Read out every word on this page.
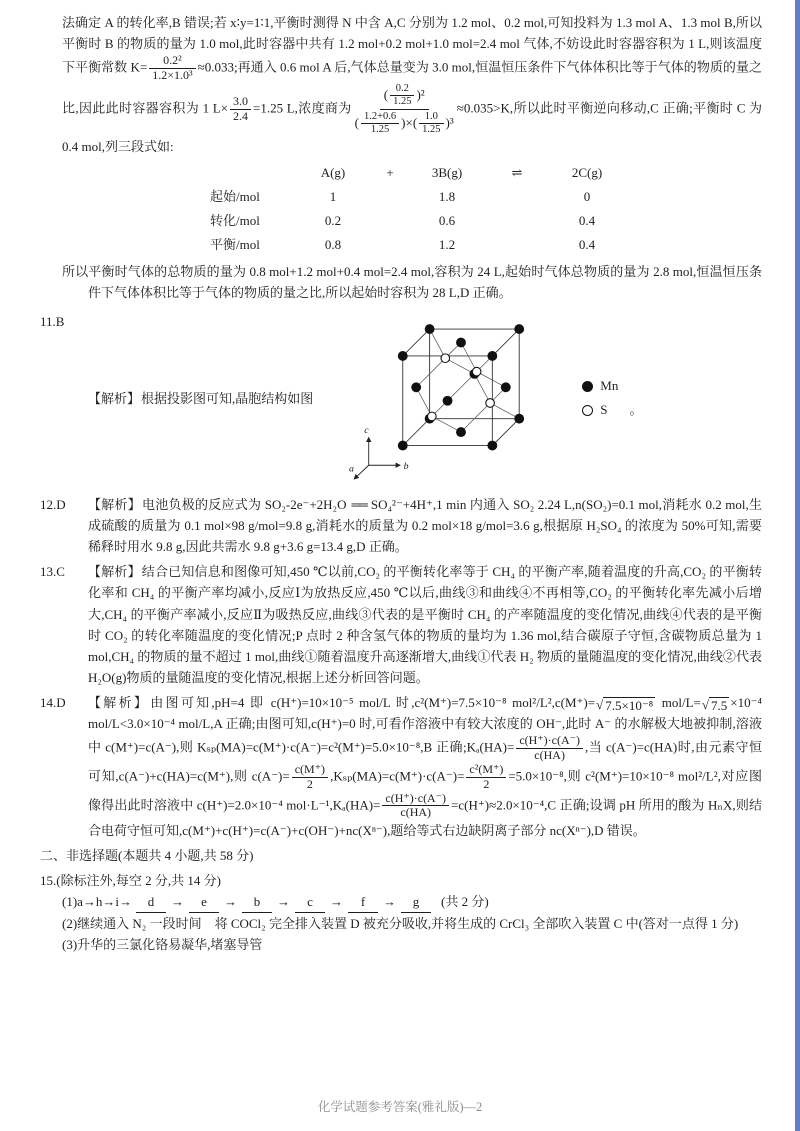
法确定 A 的转化率,B 错误;若 x∶y=1∶1,平衡时测得 N 中含 A,C 分别为 1.2 mol、0.2 mol,可知投料为 1.3 mol A、1.3 mol B,所以平衡时 B 的物质的量为 1.0 mol,此时容器中共有 1.2 mol+0.2 mol+1.0 mol=2.4 mol 气体,不妨设此时容器容积为 1 L,则该温度下平衡常数 $K= \frac{\text{0.2²}}{\text{1.2×1.0³}} \approx 0.033$;再通入 0.6 mol A 后,气体总量变为 3.0 mol,恒温恒压条件下气体体积比等于气体的物质的量之比,因此此时容器容积为 1 $L\times \frac{3.0}{2.4} =1.25$ L,浓度商为 $\frac{( \frac{0.2}{1.25} )^2}{( \frac{1.2+0.6}{1.25} ) \times ( \frac{1.0}{1.25} )^3} \approx 0.035>K$,所以此时平衡逆向移动,C 正确;平衡时 C 为 0.4 mol,列三段式如:
A(g)	+	3B(g)	⇌	2C(g)
起始/mol	1	1.8	0
转化/mol	0.2	0.6	0.4
平衡/mol	0.8	1.2	0.4
所以平衡时气体的总物质的量为 0.8 mol+1.2 mol+0.4 mol=2.4 mol,容积为 24 L,起始时气体总物质的量为 2.8 mol,恒温恒压条件下气体体积比等于气体的物质的量之比,所以起始时容积为 28 L,D 正确。
11.B
【解析】根据投影图可知,晶胞结构如图
b
c
a
Mn
S 。
12.D 【解析】电池负极的反应式为 SO₂-2e⁻+2H₂O ══ SO₄²⁻+4H⁺,1 min 内通入 SO₂ 2.24 L,n(SO₂)=0.1 mol,消耗水 0.2 mol,生成硫酸的质量为 0.1 mol×98 g/mol=9.8 g,消耗水的质量为 0.2 mol×18 g/mol=3.6 g,根据原 H₂SO₄ 的浓度为 50%可知,需要稀释时用水 9.8 g,因此共需水 9.8 g+3.6 g=13.4 g,D 正确。
13.C 【解析】结合已知信息和图像可知,450 ℃以前,CO₂ 的平衡转化率等于 CH₄ 的平衡产率,随着温度的升高,CO₂ 的平衡转化率和 CH₄ 的平衡产率均减小,反应Ⅰ为放热反应,450 ℃以后,曲线③和曲线④不再相等,CO₂ 的平衡转化率先减小后增大,CH₄ 的平衡产率减小,反应Ⅱ为吸热反应,曲线③代表的是平衡时 CH₄ 的产率随温度的变化情况,曲线④代表的是平衡时 CO₂ 的转化率随温度的变化情况;P 点时 2 种含氢气体的物质的量均为 1.36 mol,结合碳原子守恒,含碳物质总量为 1 mol,CH₄ 的物质的量不超过 1 mol,曲线①随着温度升高逐渐增大,曲线①代表 H₂ 物质的量随温度的变化情况,曲线②代表 H₂O(g)物质的量随温度的变化情况,根据上述分析回答问题。
14.D 【解析】由图可知,pH=4 即 c(H⁺)=10×10⁻⁵ mol/L 时,c²(M⁺)=7.5×10⁻⁸ mol²/L²,c(M⁺)= √ 7.5×10⁻⁸ mol/L= √ 7.5 ×10⁻⁴ mol/L<3.0×10⁻⁴ mol/L,A 正确;由图可知,c(H⁺)=0 时,可看作溶液中有较大浓度的 OH⁻,此时 A⁻ 的水解极大地被抑制,溶液中 c(M⁺)=c(A⁻),则 Kₛₚ(MA)=c(M⁺)·c(A⁻)=c²(M⁺)=5.0×10⁻⁸,B 正确;Kₐ(HA)= $\frac{c(H^+)\cdot c(A^-)}{c(HA)}$ ,当 c(A⁻)=c(HA)时,由元素守恒可知,c(A⁻)+c(HA)=c(M⁺),则 $c(A^-)= \frac{c(M^+)}{2} ,K_{sp}(MA)=c(M^+)\cdot c(A^-)= \frac{\text{c²(M⁺)}}{2} =5.0\times 10^{-8}$,则 c²(M⁺)=10×10⁻⁸ mol²/L²,对应图像得出此时溶液中 c(H⁺)=2.0×10⁻⁴ $mol\cdot L^{-1},K_a(HA)= \frac{c(H^+)\cdot c(A^-)}{c(HA)} =c(H^+)\approx 2.0\times 10^{-4},C$ 正确;设调 pH 所用的酸为 HₙX,则结合电荷守恒可知,c(M⁺)+c(H⁺)=c(A⁻)+c(OH⁻)+nc(Xⁿ⁻),题给等式右边缺阴离子部分 nc(Xⁿ⁻),D 错误。
二、非选择题(本题共 4 小题,共 58 分)
15.(除标注外,每空 2 分,共 14 分)
(1)a→h→i→ d → e → b → c → f → g (共 2 分)
(2)继续通入 N₂ 一段时间　将 COCl₂ 完全排入装置 D 被充分吸收,并将生成的 CrCl₃ 全部吹入装置 C 中(答对一点得 1 分)
(3)升华的三氯化铬易凝华,堵塞导管
化学试题参考答案(雅礼版)—2
